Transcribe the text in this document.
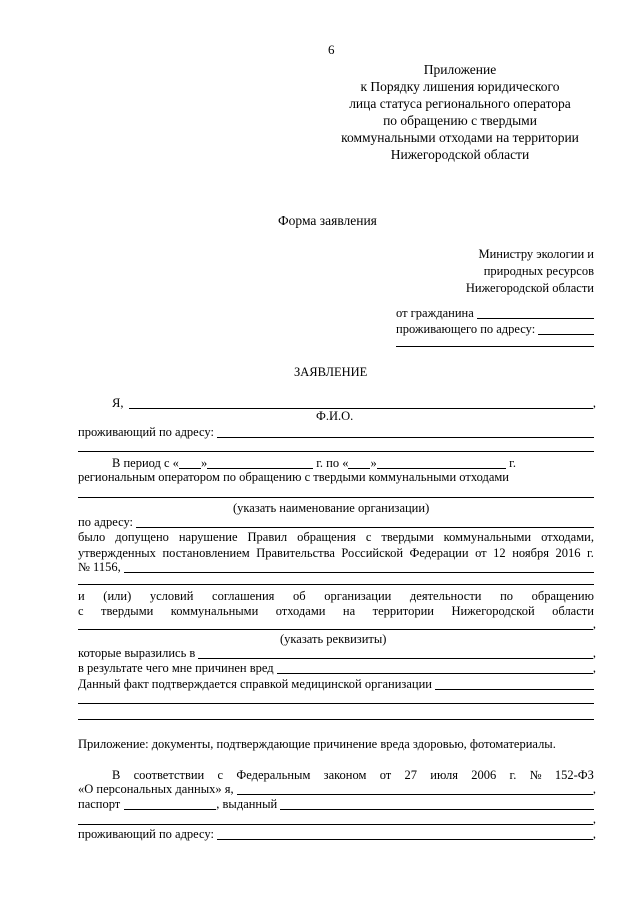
6
Приложение
к Порядку лишения юридического
лица статуса регионального оператора
по обращению с твердыми
коммунальными отходами на территории
Нижегородской области
Форма заявления
Министру экологии и
природных ресурсов
Нижегородской области
от гражданина
проживающего по адресу:
ЗАЯВЛЕНИЕ
Я,	,
Ф.И.О.
проживающий по адресу:
В период с « »	г. по « »	г.
региональным оператором по обращению с твердыми коммунальными отходами
(указать наименование организации)
по адресу:
было допущено нарушение Правил обращения с твердыми коммунальными отходами,
утвержденных постановлением Правительства Российской Федерации от 12 ноября 2016 г.
№ 1156,
и (или) условий соглашения об организации деятельности по обращению
с твердыми коммунальными отходами на территории Нижегородской области
,
(указать реквизиты)
которые выразились в	,
в результате чего мне причинен вред	,
Данный факт подтверждается справкой медицинской организации
Приложение: документы, подтверждающие причинение вреда здоровью, фотоматериалы.
В соответствии с Федеральным законом от 27 июля 2006 г. № 152-ФЗ
«О персональных данных» я,	,
паспорт	, выданный
,
проживающий по адресу:	,
